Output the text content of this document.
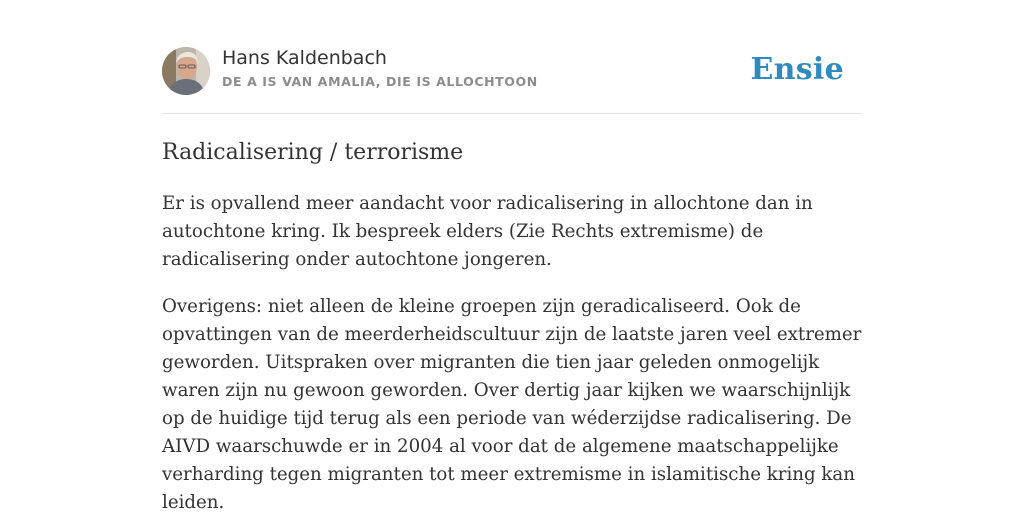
Hans Kaldenbach
DE A IS VAN AMALIA, DIE IS ALLOCHTOON	Ensie
Radicalisering / terrorisme

Er is opvallend meer aandacht voor radicalisering in allochtone dan in autochtone kring. Ik bespreek elders (Zie Rechts extremisme) de radicalisering onder autochtone jongeren.

Overigens: niet alleen de kleine groepen zijn geradicaliseerd. Ook de opvattingen van de meerderheidscultuur zijn de laatste jaren veel extremer geworden. Uitspraken over migranten die tien jaar geleden onmogelijk waren zijn nu gewoon geworden. Over dertig jaar kijken we waarschijnlijk op de huidige tijd terug als een periode van wéderzijdse radicalisering. De AIVD waarschuwde er in 2004 al voor dat de algemene maatschappelijke verharding tegen migranten tot meer extremisme in islamitische kring kan leiden.
